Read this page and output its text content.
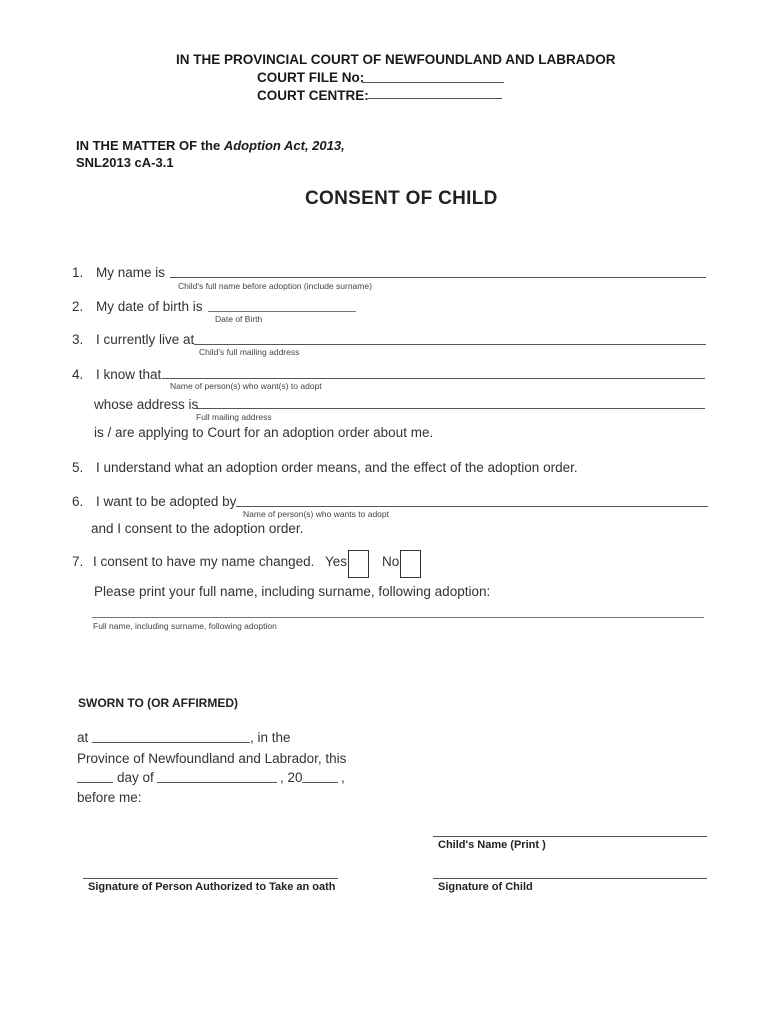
IN THE PROVINCIAL COURT OF NEWFOUNDLAND AND LABRADOR
COURT FILE No:
COURT CENTRE:
IN THE MATTER OF the Adoption Act, 2013,
SNL2013 cA-3.1
CONSENT OF CHILD
1. My name is
Child's full name before adoption (include surname)
2. My date of birth is
Date of Birth
3. I currently live at
Child's full mailing address
4. I know that
Name of person(s) who want(s) to adopt
whose address is
Full mailing address
is / are applying to Court for an adoption order about me.
5. I understand what an adoption order means, and the effect of the adoption order.
6. I want to be adopted by
Name of person(s) who wants to adopt
and I consent to the adoption order.
7. I consent to have my name changed. Yes	No
Please print your full name, including surname, following adoption:
Full name, including surname, following adoption
SWORN TO (OR AFFIRMED)
at	, in the
Province of Newfoundland and Labrador, this
day of	, 20	,
before me:
Child's Name (Print )
Signature of Person Authorized to Take an oath	Signature of Child
